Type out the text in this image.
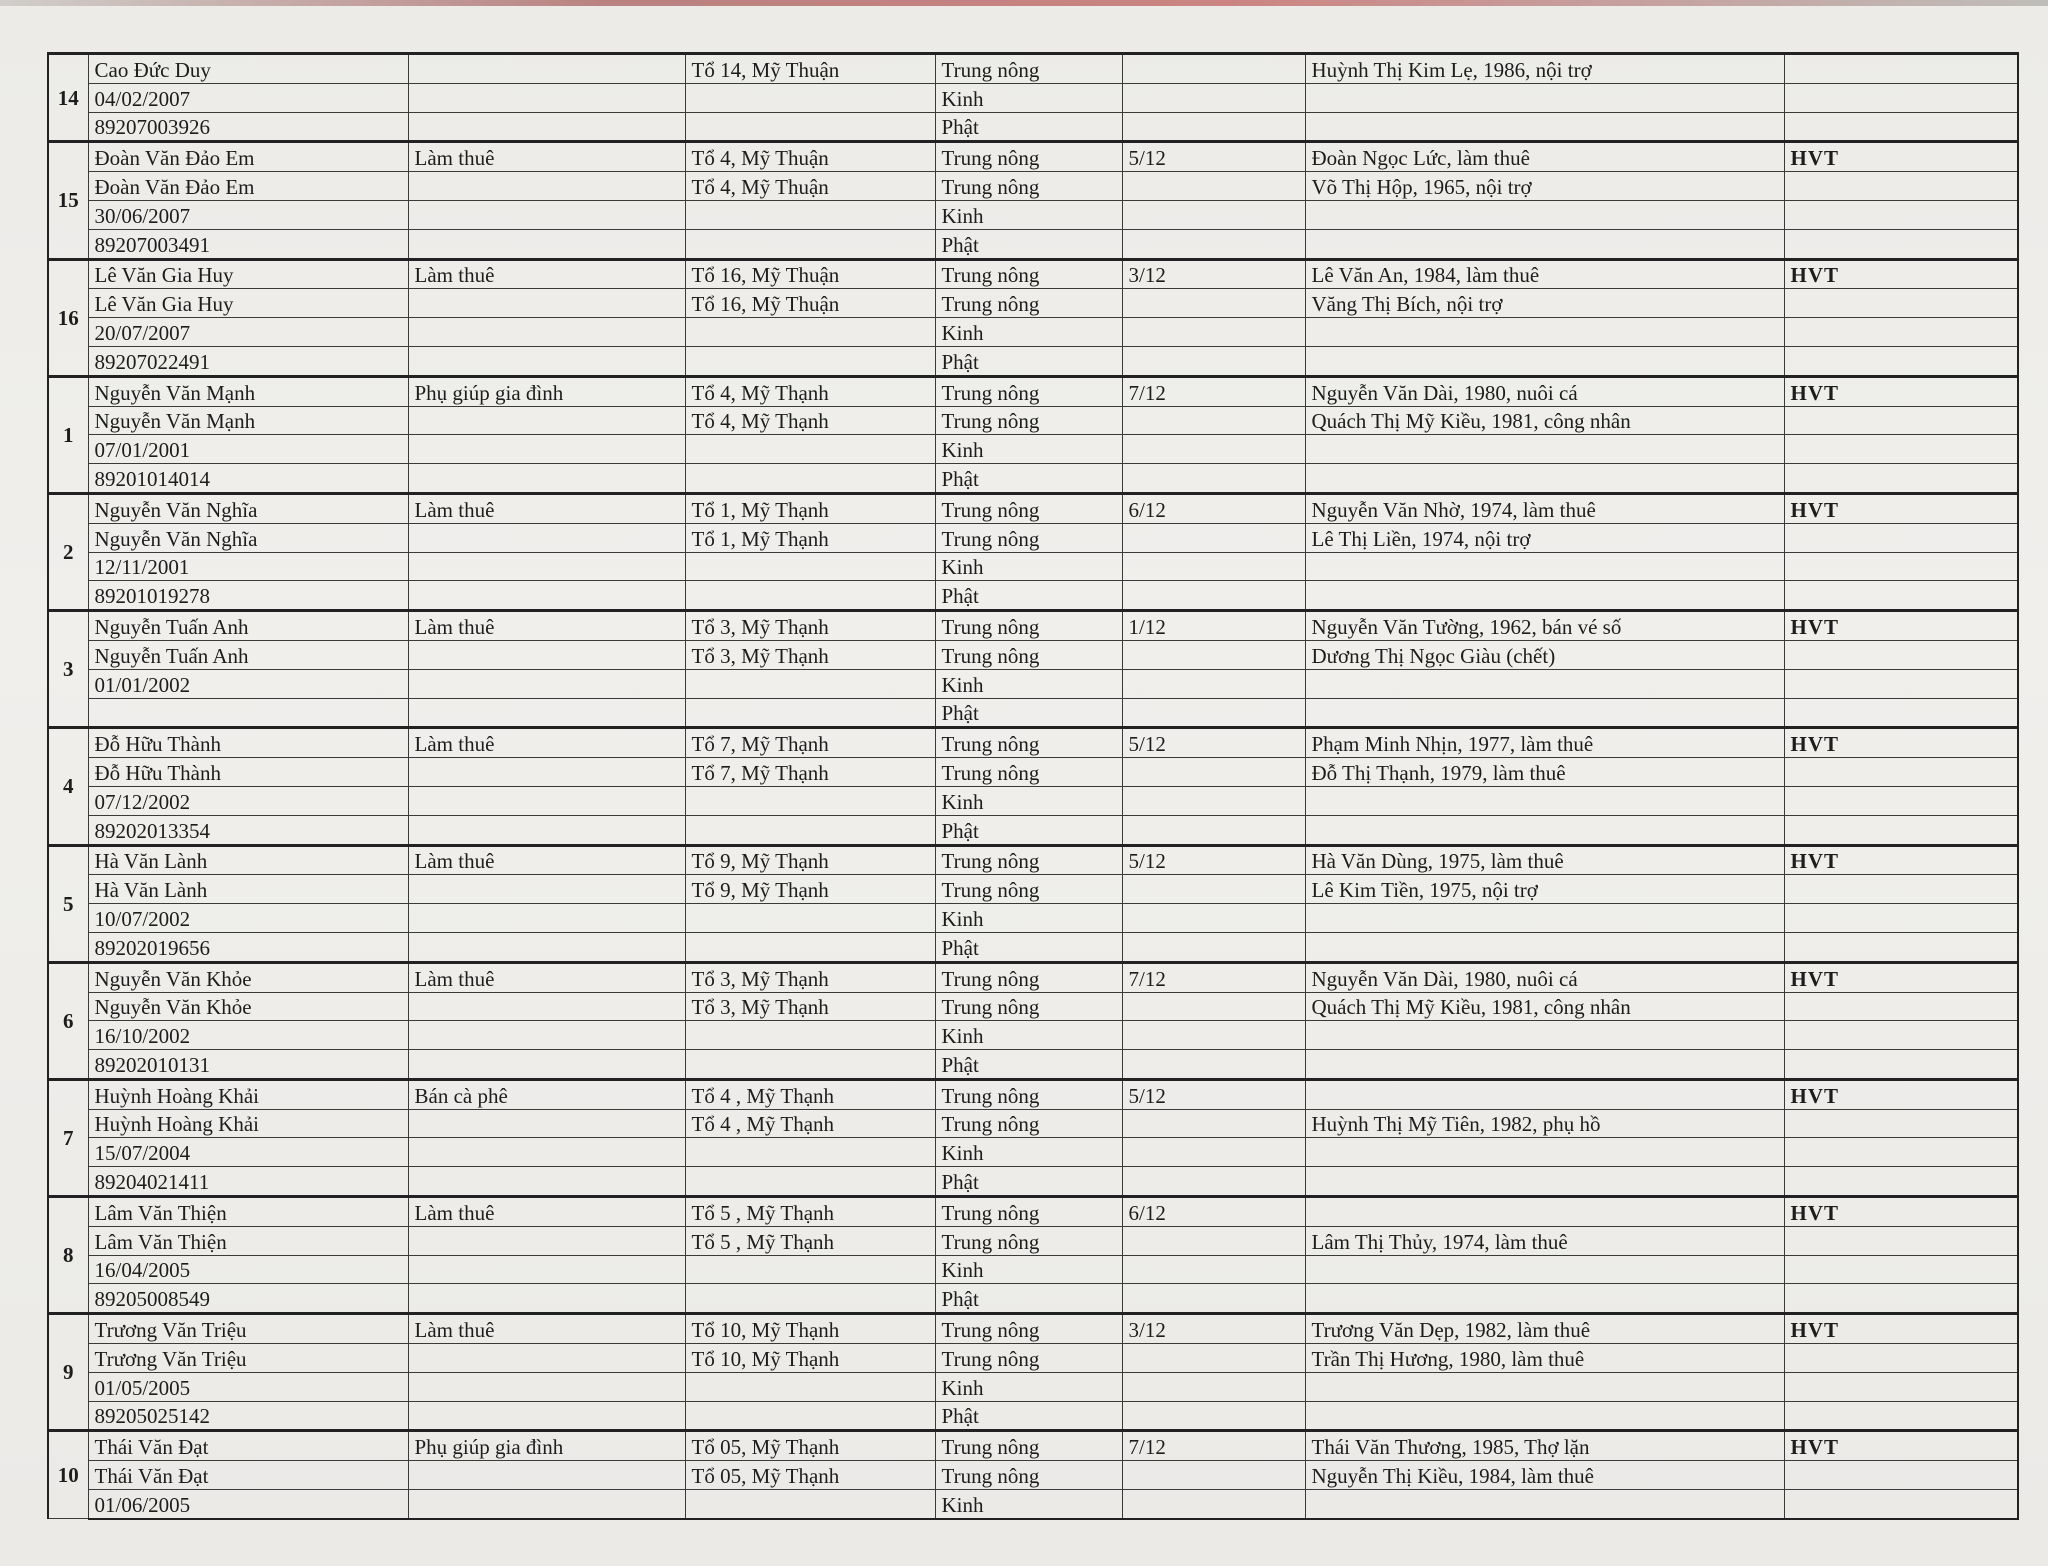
14	Cao Đức Duy		Tổ 14, Mỹ Thuận	Trung nông		Huỳnh Thị Kim Lẹ, 1986, nội trợ	
	04/02/2007			Kinh			
	89207003926			Phật			
15	Đoàn Văn Đảo Em	Làm thuê	Tổ 4, Mỹ Thuận	Trung nông	5/12	Đoàn Ngọc Lức, làm thuê	HVT
	Đoàn Văn Đảo Em		Tổ 4, Mỹ Thuận	Trung nông		Võ Thị Hộp, 1965, nội trợ	
	30/06/2007			Kinh			
	89207003491			Phật			
16	Lê Văn Gia Huy	Làm thuê	Tổ 16, Mỹ Thuận	Trung nông	3/12	Lê Văn An, 1984, làm thuê	HVT
	Lê Văn Gia Huy		Tổ 16, Mỹ Thuận	Trung nông		Văng Thị Bích, nội trợ	
	20/07/2007			Kinh			
	89207022491			Phật			
1	Nguyễn Văn Mạnh	Phụ giúp gia đình	Tổ 4, Mỹ Thạnh	Trung nông	7/12	Nguyễn Văn Dài, 1980, nuôi cá	HVT
	Nguyễn Văn Mạnh		Tổ 4, Mỹ Thạnh	Trung nông		Quách Thị Mỹ Kiều, 1981, công nhân	
	07/01/2001			Kinh			
	89201014014			Phật			
2	Nguyễn Văn Nghĩa	Làm thuê	Tổ 1, Mỹ Thạnh	Trung nông	6/12	Nguyễn Văn Nhờ, 1974, làm thuê	HVT
	Nguyễn Văn Nghĩa		Tổ 1, Mỹ Thạnh	Trung nông		Lê Thị Liền, 1974, nội trợ	
	12/11/2001			Kinh			
	89201019278			Phật			
3	Nguyễn Tuấn Anh	Làm thuê	Tổ 3, Mỹ Thạnh	Trung nông	1/12	Nguyễn Văn Tường, 1962, bán vé số	HVT
	Nguyễn Tuấn Anh		Tổ 3, Mỹ Thạnh	Trung nông		Dương Thị Ngọc Giàu (chết)	
	01/01/2002			Kinh			
				Phật			
4	Đỗ Hữu Thành	Làm thuê	Tổ 7, Mỹ Thạnh	Trung nông	5/12	Phạm Minh Nhịn, 1977, làm thuê	HVT
	Đỗ Hữu Thành		Tổ 7, Mỹ Thạnh	Trung nông		Đỗ Thị Thạnh, 1979, làm thuê	
	07/12/2002			Kinh			
	89202013354			Phật			
5	Hà Văn Lành	Làm thuê	Tổ 9, Mỹ Thạnh	Trung nông	5/12	Hà Văn Dùng, 1975, làm thuê	HVT
	Hà Văn Lành		Tổ 9, Mỹ Thạnh	Trung nông		Lê Kim Tiền, 1975, nội trợ	
	10/07/2002			Kinh			
	89202019656			Phật			
6	Nguyễn Văn Khỏe	Làm thuê	Tổ 3, Mỹ Thạnh	Trung nông	7/12	Nguyễn Văn Dài, 1980, nuôi cá	HVT
	Nguyễn Văn Khỏe		Tổ 3, Mỹ Thạnh	Trung nông		Quách Thị Mỹ Kiều, 1981, công nhân	
	16/10/2002			Kinh			
	89202010131			Phật			
7	Huỳnh Hoàng Khải	Bán cà phê	Tổ 4 , Mỹ Thạnh	Trung nông	5/12		HVT
	Huỳnh Hoàng Khải		Tổ 4 , Mỹ Thạnh	Trung nông		Huỳnh Thị Mỹ Tiên, 1982, phụ hồ	
	15/07/2004			Kinh			
	89204021411			Phật			
8	Lâm Văn Thiện	Làm thuê	Tổ 5 , Mỹ Thạnh	Trung nông	6/12		HVT
	Lâm Văn Thiện		Tổ 5 , Mỹ Thạnh	Trung nông		Lâm Thị Thủy, 1974, làm thuê	
	16/04/2005			Kinh			
	89205008549			Phật			
9	Trương Văn Triệu	Làm thuê	Tổ 10, Mỹ Thạnh	Trung nông	3/12	Trương Văn Dẹp, 1982, làm thuê	HVT
	Trương Văn Triệu		Tổ 10, Mỹ Thạnh	Trung nông		Trần Thị Hương, 1980, làm thuê	
	01/05/2005			Kinh			
	89205025142			Phật			
10	Thái Văn Đạt	Phụ giúp gia đình	Tổ 05, Mỹ Thạnh	Trung nông	7/12	Thái Văn Thương, 1985, Thợ lặn	HVT
	Thái Văn Đạt		Tổ 05, Mỹ Thạnh	Trung nông		Nguyễn Thị Kiều, 1984, làm thuê	
	01/06/2005			Kinh			
